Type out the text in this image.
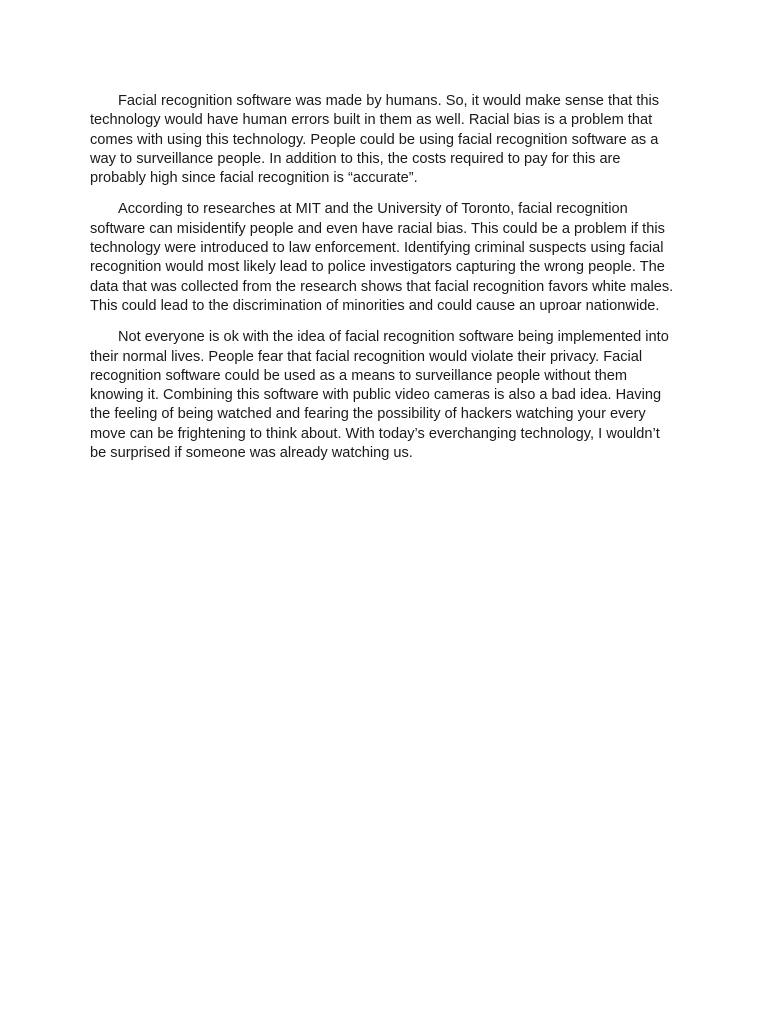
Facial recognition software was made by humans. So, it would make sense that this technology would have human errors built in them as well. Racial bias is a problem that comes with using this technology. People could be using facial recognition software as a way to surveillance people. In addition to this, the costs required to pay for this are probably high since facial recognition is “accurate”.

According to researches at MIT and the University of Toronto, facial recognition software can misidentify people and even have racial bias. This could be a problem if this technology were introduced to law enforcement. Identifying criminal suspects using facial recognition would most likely lead to police investigators capturing the wrong people. The data that was collected from the research shows that facial recognition favors white males. This could lead to the discrimination of minorities and could cause an uproar nationwide.

Not everyone is ok with the idea of facial recognition software being implemented into their normal lives. People fear that facial recognition would violate their privacy. Facial recognition software could be used as a means to surveillance people without them knowing it. Combining this software with public video cameras is also a bad idea. Having the feeling of being watched and fearing the possibility of hackers watching your every move can be frightening to think about. With today’s everchanging technology, I wouldn’t be surprised if someone was already watching us.
